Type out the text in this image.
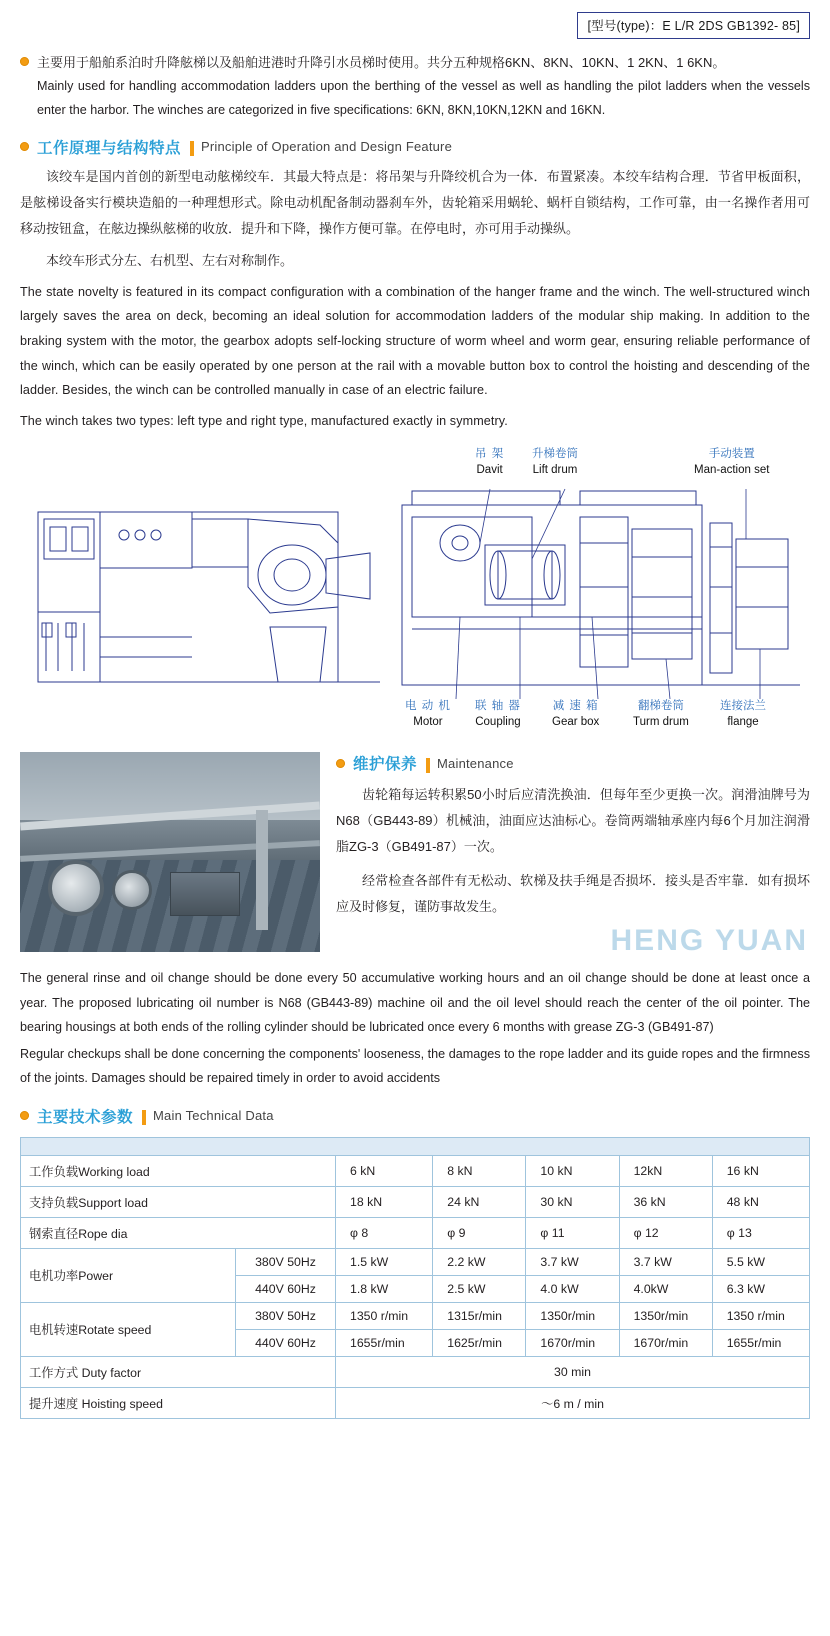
[型号(type)：E L/R 2DS GB1392- 85]
主要用于船舶系泊时升降舷梯以及船舶进港时升降引水员梯时使用。共分五种规格6KN、8KN、10KN、1 2KN、1 6KN。
Mainly used for handling accommodation ladders upon the berthing of the vessel as well as handling the pilot ladders when the vessels enter the harbor. The winches are categorized in five specifications: 6KN, 8KN,10KN,12KN and 16KN.
工作原理与结构特点 Principle of Operation and Design Feature
该绞车是国内首创的新型电动舷梯绞车．其最大特点是：将吊架与升降绞机合为一体．布置紧凑。本绞车结构合理．节省甲板面积，是舷梯设备实行模块造船的一种理想形式。除电动机配备制动器刹车外，齿轮箱采用蜗轮、蜗杆自锁结构，工作可靠，由一名操作者用可移动按钮盒，在舷边操纵舷梯的收放．提升和下降，操作方便可靠。在停电时，亦可用手动操纵。
本绞车形式分左、右机型、左右对称制作。
The state novelty is featured in its compact configuration with a combination of the hanger frame and the winch. The well-structured winch largely saves the area on deck, becoming an ideal solution for accommodation ladders of the modular ship making. In addition to the braking system with the motor, the gearbox adopts self-locking structure of worm wheel and worm gear, ensuring reliable performance of the winch, which can be easily operated by one person at the rail with a movable button box to control the hoisting and descending of the ladder. Besides, the winch can be controlled manually in case of an electric failure.
The winch takes two types: left type and right type, manufactured exactly in symmetry.
吊 架
Davit
升梯卷筒
Lift drum
手动装置
Man-action set
电 动 机
Motor
联 轴 器
Coupling
减 速 箱
Gear box
翻梯卷筒
Turm drum
连接法兰
flange
维护保养 Maintenance
齿轮箱每运转积累50小时后应清洗换油．但每年至少更换一次。润滑油牌号为N68（GB443-89）机械油，油面应达油标心。卷筒两端轴承座内每6个月加注润滑脂ZG-3（GB491-87）一次。
经常检查各部件有无松动、软梯及扶手绳是否损坏．接头是否牢靠．如有损坏应及时修复，谨防事故发生。
HENG YUAN

The general rinse and oil change should be done every 50 accumulative working hours and an oil change should be done at least once a year. The proposed lubricating oil number is N68 (GB443-89) machine oil and the oil level should reach the center of the oil pointer. The bearing housings at both ends of the rolling cylinder should be lubricated once every 6 months with grease ZG-3 (GB491-87)

Regular checkups shall be done concerning the components' looseness, the damages to the rope ladder and its guide ropes and the firmness of the joints. Damages should be repaired timely in order to avoid accidents

主要技术参数 Main Technical Data

工作负载Working load		6 kN	8 kN	10 kN	12kN	16 kN
支持负载Support load		18 kN	24 kN	30 kN	36 kN	48 kN
钢索直径Rope dia		φ 8	φ 9	φ 11	φ 12	φ 13
电机功率Power	380V 50Hz	1.5 kW	2.2 kW	3.7 kW	3.7 kW	5.5 kW
	440V 60Hz	1.8 kW	2.5 kW	4.0 kW	4.0kW	6.3 kW
电机转速Rotate speed	380V 50Hz	1350 r/min	1315r/min	1350r/min	1350r/min	1350 r/min
	440V 60Hz	1655r/min	1625r/min	1670r/min	1670r/min	1655r/min
工作方式 Duty factor		30 min				
提升速度 Hoisting speed		～6 m / min				
